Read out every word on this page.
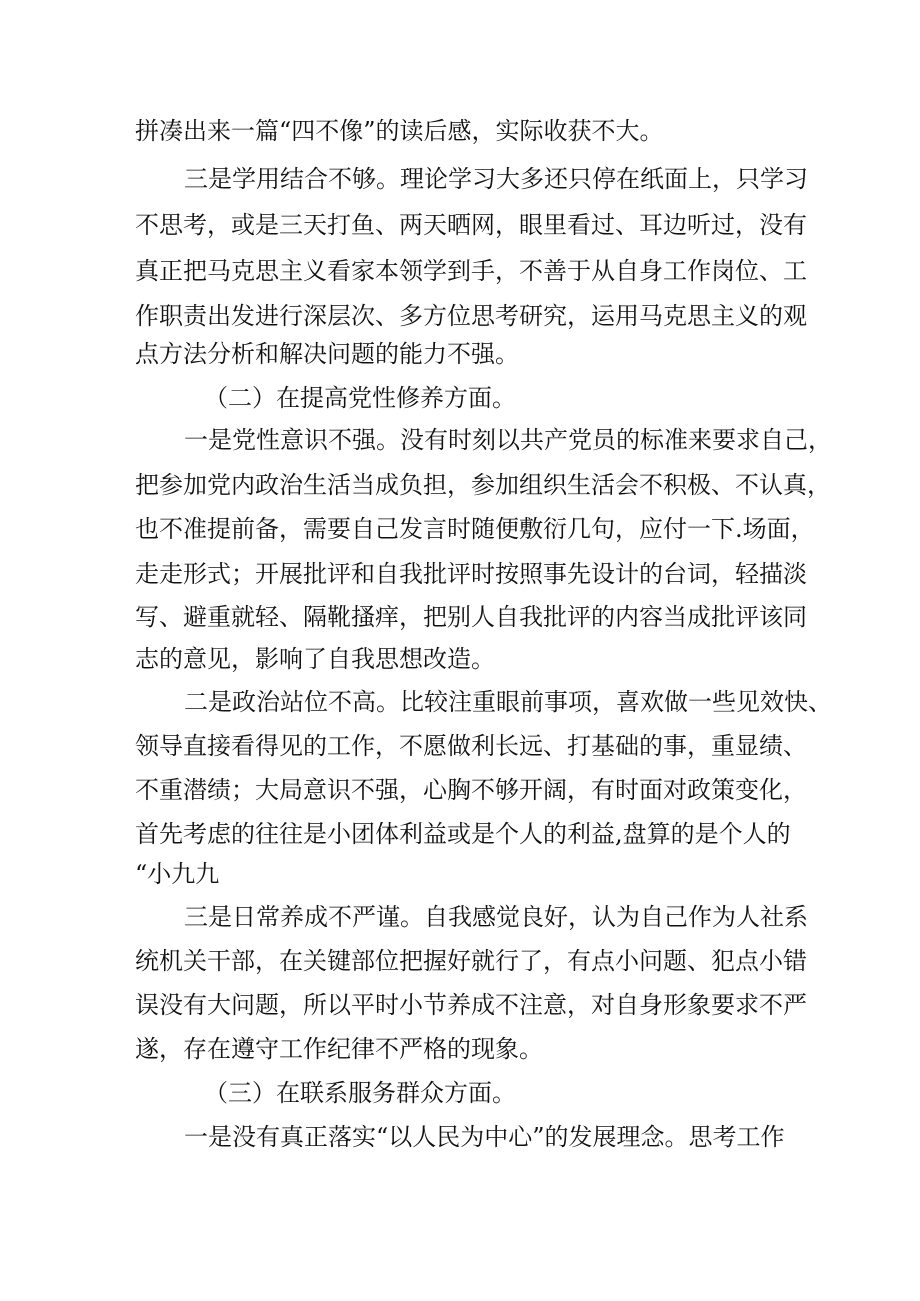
拼凑出来一篇“四不像”的读后感，实际收获不大。
三是学用结合不够。理论学习大多还只停在纸面上，只学习
不思考，或是三天打鱼、两天晒网，眼里看过、耳边听过，没有
真正把马克思主义看家本领学到手，不善于从自身工作岗位、工
作职责出发进行深层次、多方位思考研究，运用马克思主义的观
点方法分析和解决问题的能力不强。
（二）在提高党性修养方面。
一是党性意识不强。没有时刻以共产党员的标准来要求自己，
把参加党内政治生活当成负担，参加组织生活会不积极、不认真，
也不准提前备，需要自己发言时随便敷衍几句，应付一下.场面，
走走形式；开展批评和自我批评时按照事先设计的台词，轻描淡
写、避重就轻、隔靴搔痒，把别人自我批评的内容当成批评该同
志的意见，影响了自我思想改造。
二是政治站位不高。比较注重眼前事项，喜欢做一些见效快、
领导直接看得见的工作，不愿做利长远、打基础的事，重显绩、
不重潜绩；大局意识不强，心胸不够开阔，有时面对政策变化，
首先考虑的往往是小团体利益或是个人的利益,盘算的是个人的
“小九九
三是日常养成不严谨。自我感觉良好，认为自己作为人社系
统机关干部，在关键部位把握好就行了，有点小问题、犯点小错
误没有大问题，所以平时小节养成不注意，对自身形象要求不严
遂，存在遵守工作纪律不严格的现象。
（三）在联系服务群众方面。
一是没有真正落实“以人民为中心”的发展理念。思考工作
